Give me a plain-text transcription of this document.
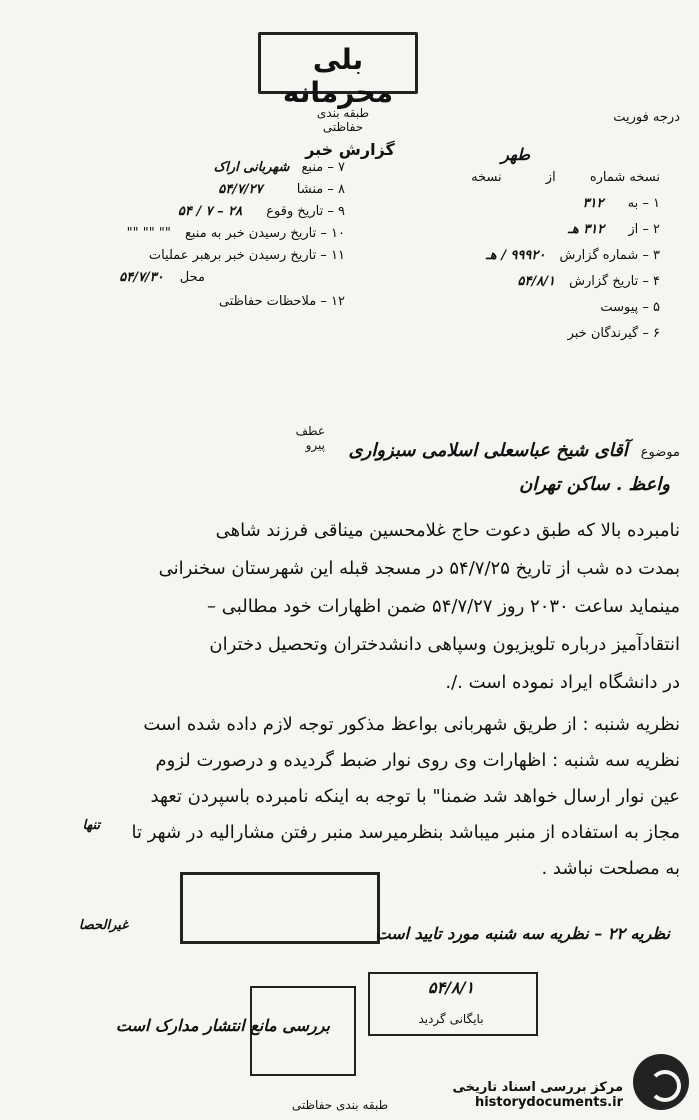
بلی محرمانه
طبقه بندی حفاظتی
درجه فوریت
گزارش خبر	طهر
۷ – منبع شهربانی اراک
۸ – منشا ۵۴/۷/۲۷
۹ – تاریخ وقوع ۲۸ – ۷ / ۵۴
۱۰ – تاریخ رسیدن خبر به منبع "" "" ""
۱۱ – تاریخ رسیدن خبر برهبر عملیات
محل ۵۴/۷/۳۰
۱۲ – ملاحظات حفاظتی
نسخه شماره از نسخه
۱ – به ۳۱۲
۲ – از ۳۱۲ هـ
۳ – شماره گزارش ۹۹۹۲۰ / هـ
۴ – تاریخ گزارش ۵۴/۸/۱
۵ – پیوست
۶ – گیرندگان خبر
عطف پیرو	موضوع آقای شیخ عباسعلی اسلامی سبزواری
واعظ . ساکن تهران
نامبرده بالا که طبق دعوت حاج غلامحسین میناقی فرزند شاهی
بمدت ده شب از تاریخ ۵۴/۷/۲۵ در مسجد قبله این شهرستان سخنرانی
مینماید ساعت ۲۰۳۰ روز ۵۴/۷/۲۷ ضمن اظهارات خود مطالبی –
انتقادآمیز درباره تلویزیون وسپاهی دانشدختران وتحصیل دختران
در دانشگاه ایراد نموده است ./.
نظریه شنبه : از طریق شهربانی بواعظ مذکور توجه لازم داده شده است
نظریه سه شنبه : اظهارات وی روی نوار ضبط گردیده و درصورت لزوم
عین نوار ارسال خواهد شد ضمنا" با توجه به اینکه نامبرده باسپردن تعهد
مجاز به استفاده از منبر میباشد بنظرمیرسد منبر رفتن مشارالیه در شهر تا
به مصلحت نباشد .
تنها
نظریه ۲۲ – نظریه سه شنبه مورد تایید است
غیرالحصا
۵۴/۸/۱
بایگانی گردید
بررسی مانع انتشار مدارک است
طبقه بندی حفاظتی
مرکز بررسی اسناد تاریخی
historydocuments.ir
